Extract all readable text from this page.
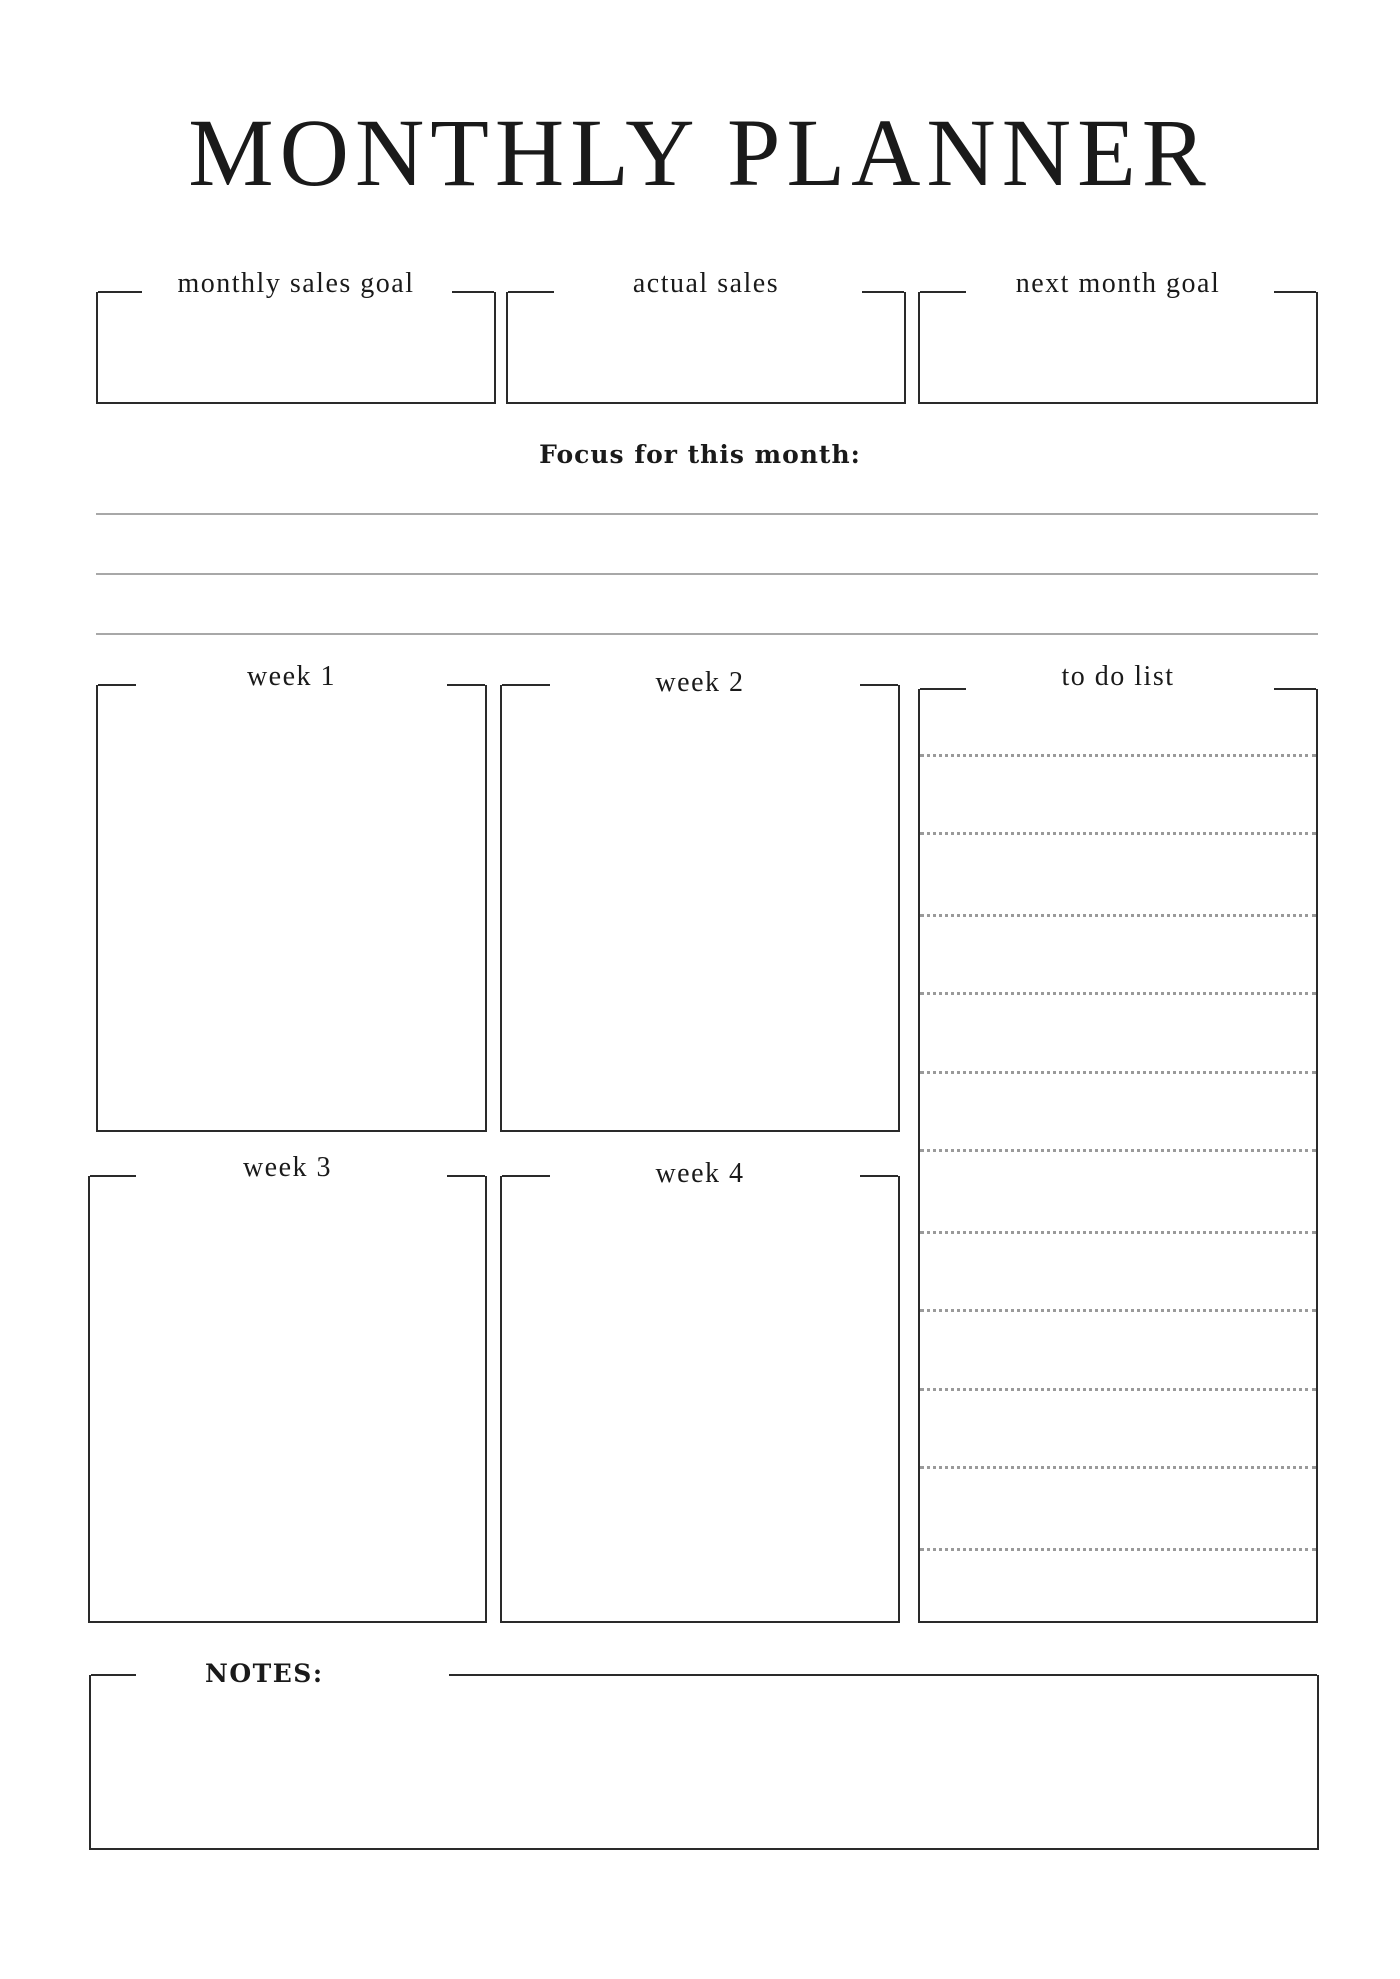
MONTHLY PLANNER
monthly sales goal	actual sales	next month goal
Focus for this month:
week 1	week 2
week 3	week 4
to do list
NOTES:
